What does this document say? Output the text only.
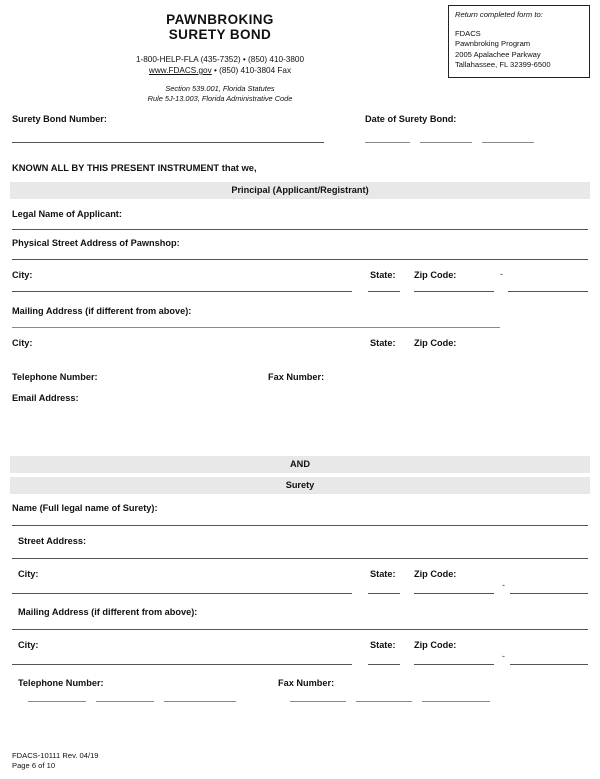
PAWNBROKING
SURETY BOND
1-800-HELP-FLA (435-7352) • (850) 410-3800
www.FDACS.gov • (850) 410-3804 Fax
Section 539.001, Florida Statutes
Rule 5J-13.003, Florida Administrative Code
Return completed form to:
FDACS
Pawnbroking Program
2005 Apalachee Parkway
Tallahassee, FL 32399-6500
Surety Bond Number:	Date of Surety Bond:
KNOWN ALL BY THIS PRESENT INSTRUMENT that we,
Principal (Applicant/Registrant)
Legal Name of Applicant:
Physical Street Address of Pawnshop:
City:	State: Zip Code:	-
Mailing Address (if different from above):
City:	State: Zip Code:
Telephone Number:	Fax Number:
Email Address:
AND
Surety
Name (Full legal name of Surety):
Street Address:
City:	State: Zip Code:
-
Mailing Address (if different from above):
City:	State: Zip Code:
-
Telephone Number:	Fax Number:
FDACS-10111 Rev. 04/19
Page 6 of 10
